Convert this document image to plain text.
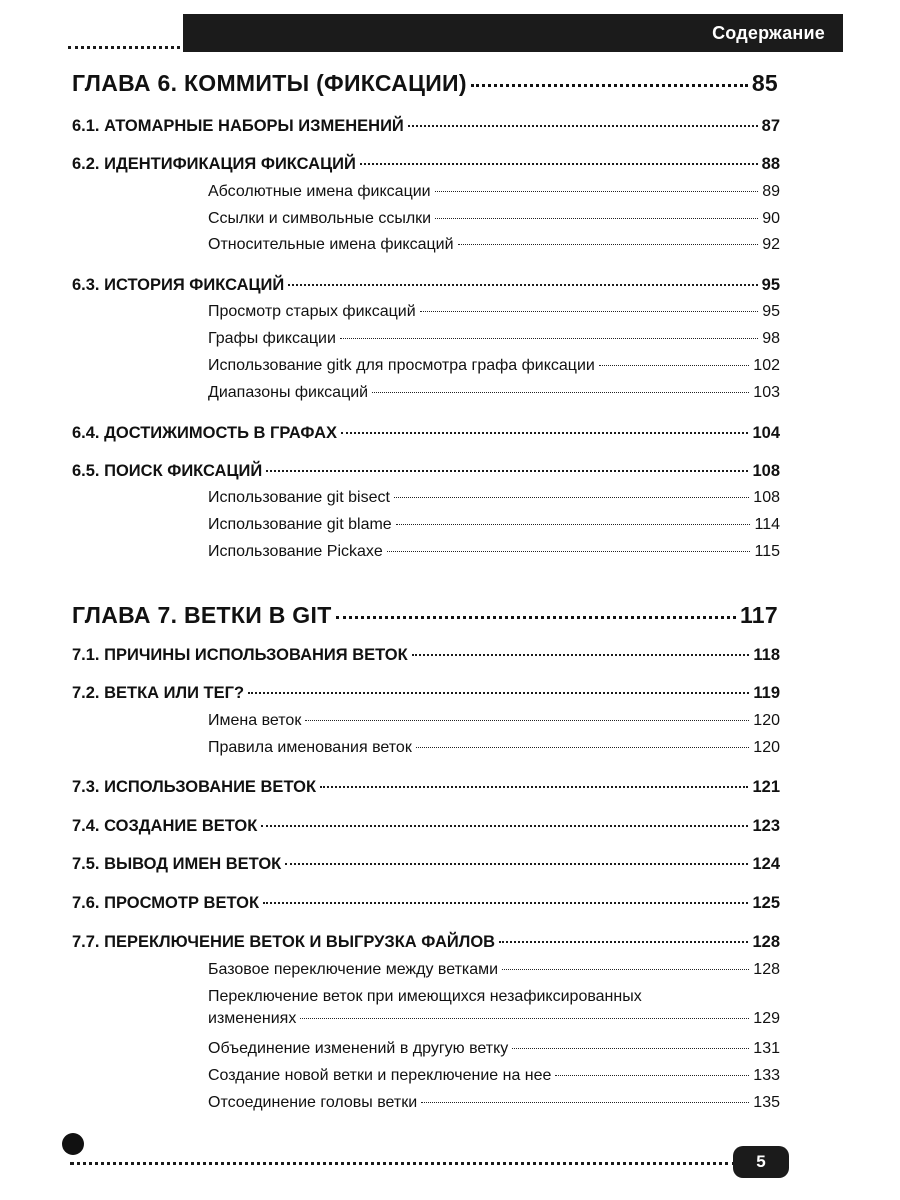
Содержание
ГЛАВА 6. КОММИТЫ (ФИКСАЦИИ)	85
6.1. АТОМАРНЫЕ НАБОРЫ ИЗМЕНЕНИЙ	87
6.2. ИДЕНТИФИКАЦИЯ ФИКСАЦИЙ	88
Абсолютные имена фиксации	89
Ссылки и символьные ссылки	90
Относительные имена фиксаций	92
6.3. ИСТОРИЯ ФИКСАЦИЙ	95
Просмотр старых фиксаций	95
Графы фиксации	98
Использование gitk для просмотра графа фиксации	102
Диапазоны фиксаций	103
6.4. ДОСТИЖИМОСТЬ В ГРАФАХ	104
6.5. ПОИСК ФИКСАЦИЙ	108
Использование git bisect	108
Использование git blame	114
Использование Pickaxe	115
ГЛАВА 7. ВЕТКИ В GIT	117
7.1. ПРИЧИНЫ ИСПОЛЬЗОВАНИЯ ВЕТОК	118
7.2. ВЕТКА ИЛИ ТЕГ?	119
Имена веток	120
Правила именования веток	120
7.3. ИСПОЛЬЗОВАНИЕ ВЕТОК	121
7.4. СОЗДАНИЕ ВЕТОК	123
7.5. ВЫВОД ИМЕН ВЕТОК	124
7.6. ПРОСМОТР ВЕТОК	125
7.7. ПЕРЕКЛЮЧЕНИЕ ВЕТОК И ВЫГРУЗКА ФАЙЛОВ	128
Базовое переключение между ветками	128
Переключение веток при имеющихся незафиксированных
изменениях	129
Объединение изменений в другую ветку	131
Создание новой ветки и переключение на нее	133
Отсоединение головы ветки	135
5
